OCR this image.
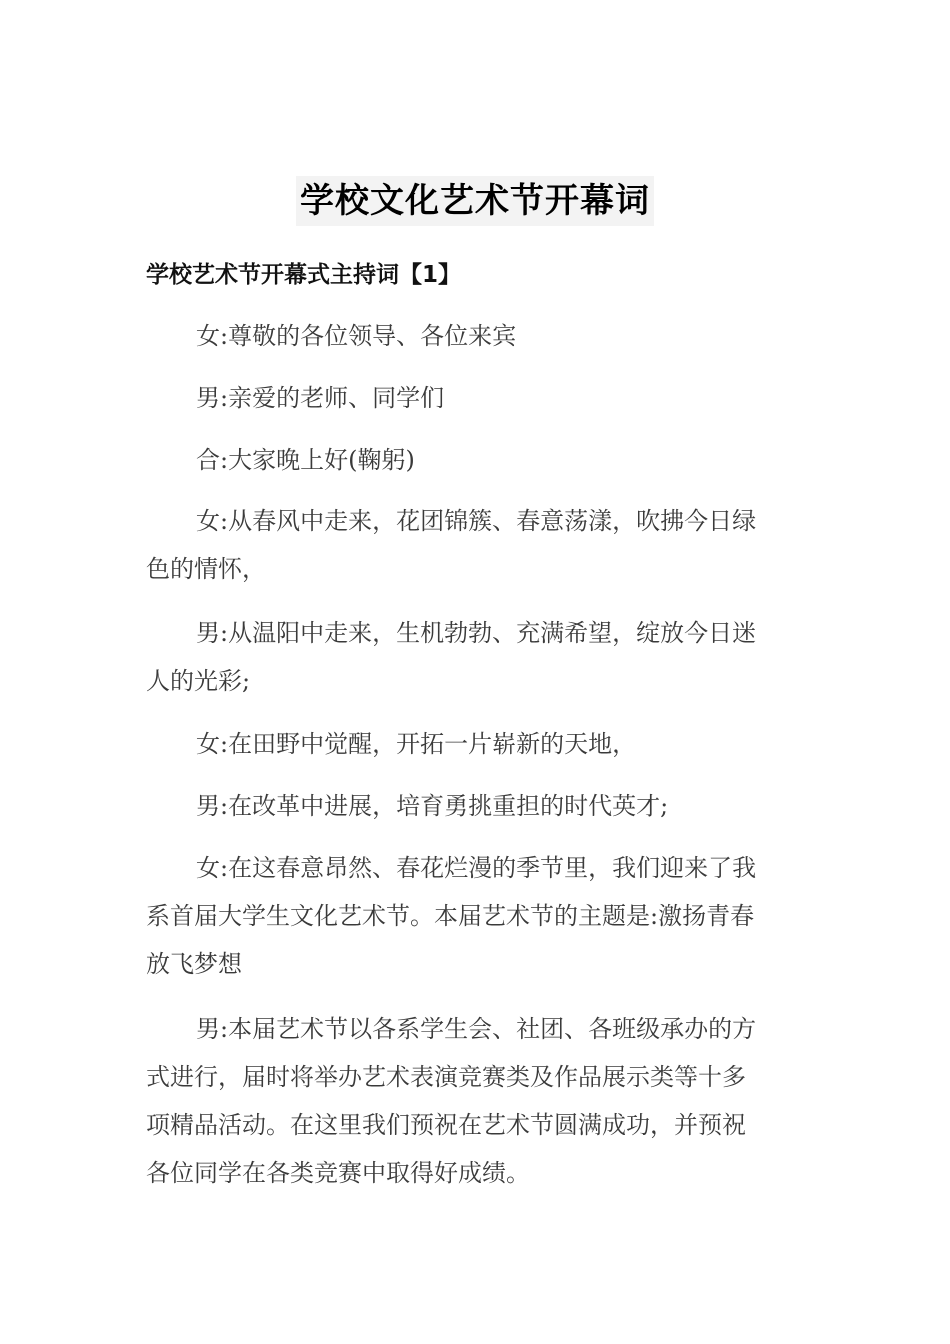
学校文化艺术节开幕词
学校艺术节开幕式主持词【1】

女:尊敬的各位领导、各位来宾

男:亲爱的老师、同学们

合:大家晚上好(鞠躬)

女:从春风中走来，花团锦簇、春意荡漾，吹拂今日绿
色的情怀，

男:从温阳中走来，生机勃勃、充满希望，绽放今日迷
人的光彩;

女:在田野中觉醒，开拓一片崭新的天地，

男:在改革中进展，培育勇挑重担的时代英才;

女:在这春意昂然、春花烂漫的季节里，我们迎来了我
系首届大学生文化艺术节。本届艺术节的主题是:激扬青春
放飞梦想

男:本届艺术节以各系学生会、社团、各班级承办的方
式进行，届时将举办艺术表演竞赛类及作品展示类等十多
项精品活动。在这里我们预祝在艺术节圆满成功，并预祝
各位同学在各类竞赛中取得好成绩。
